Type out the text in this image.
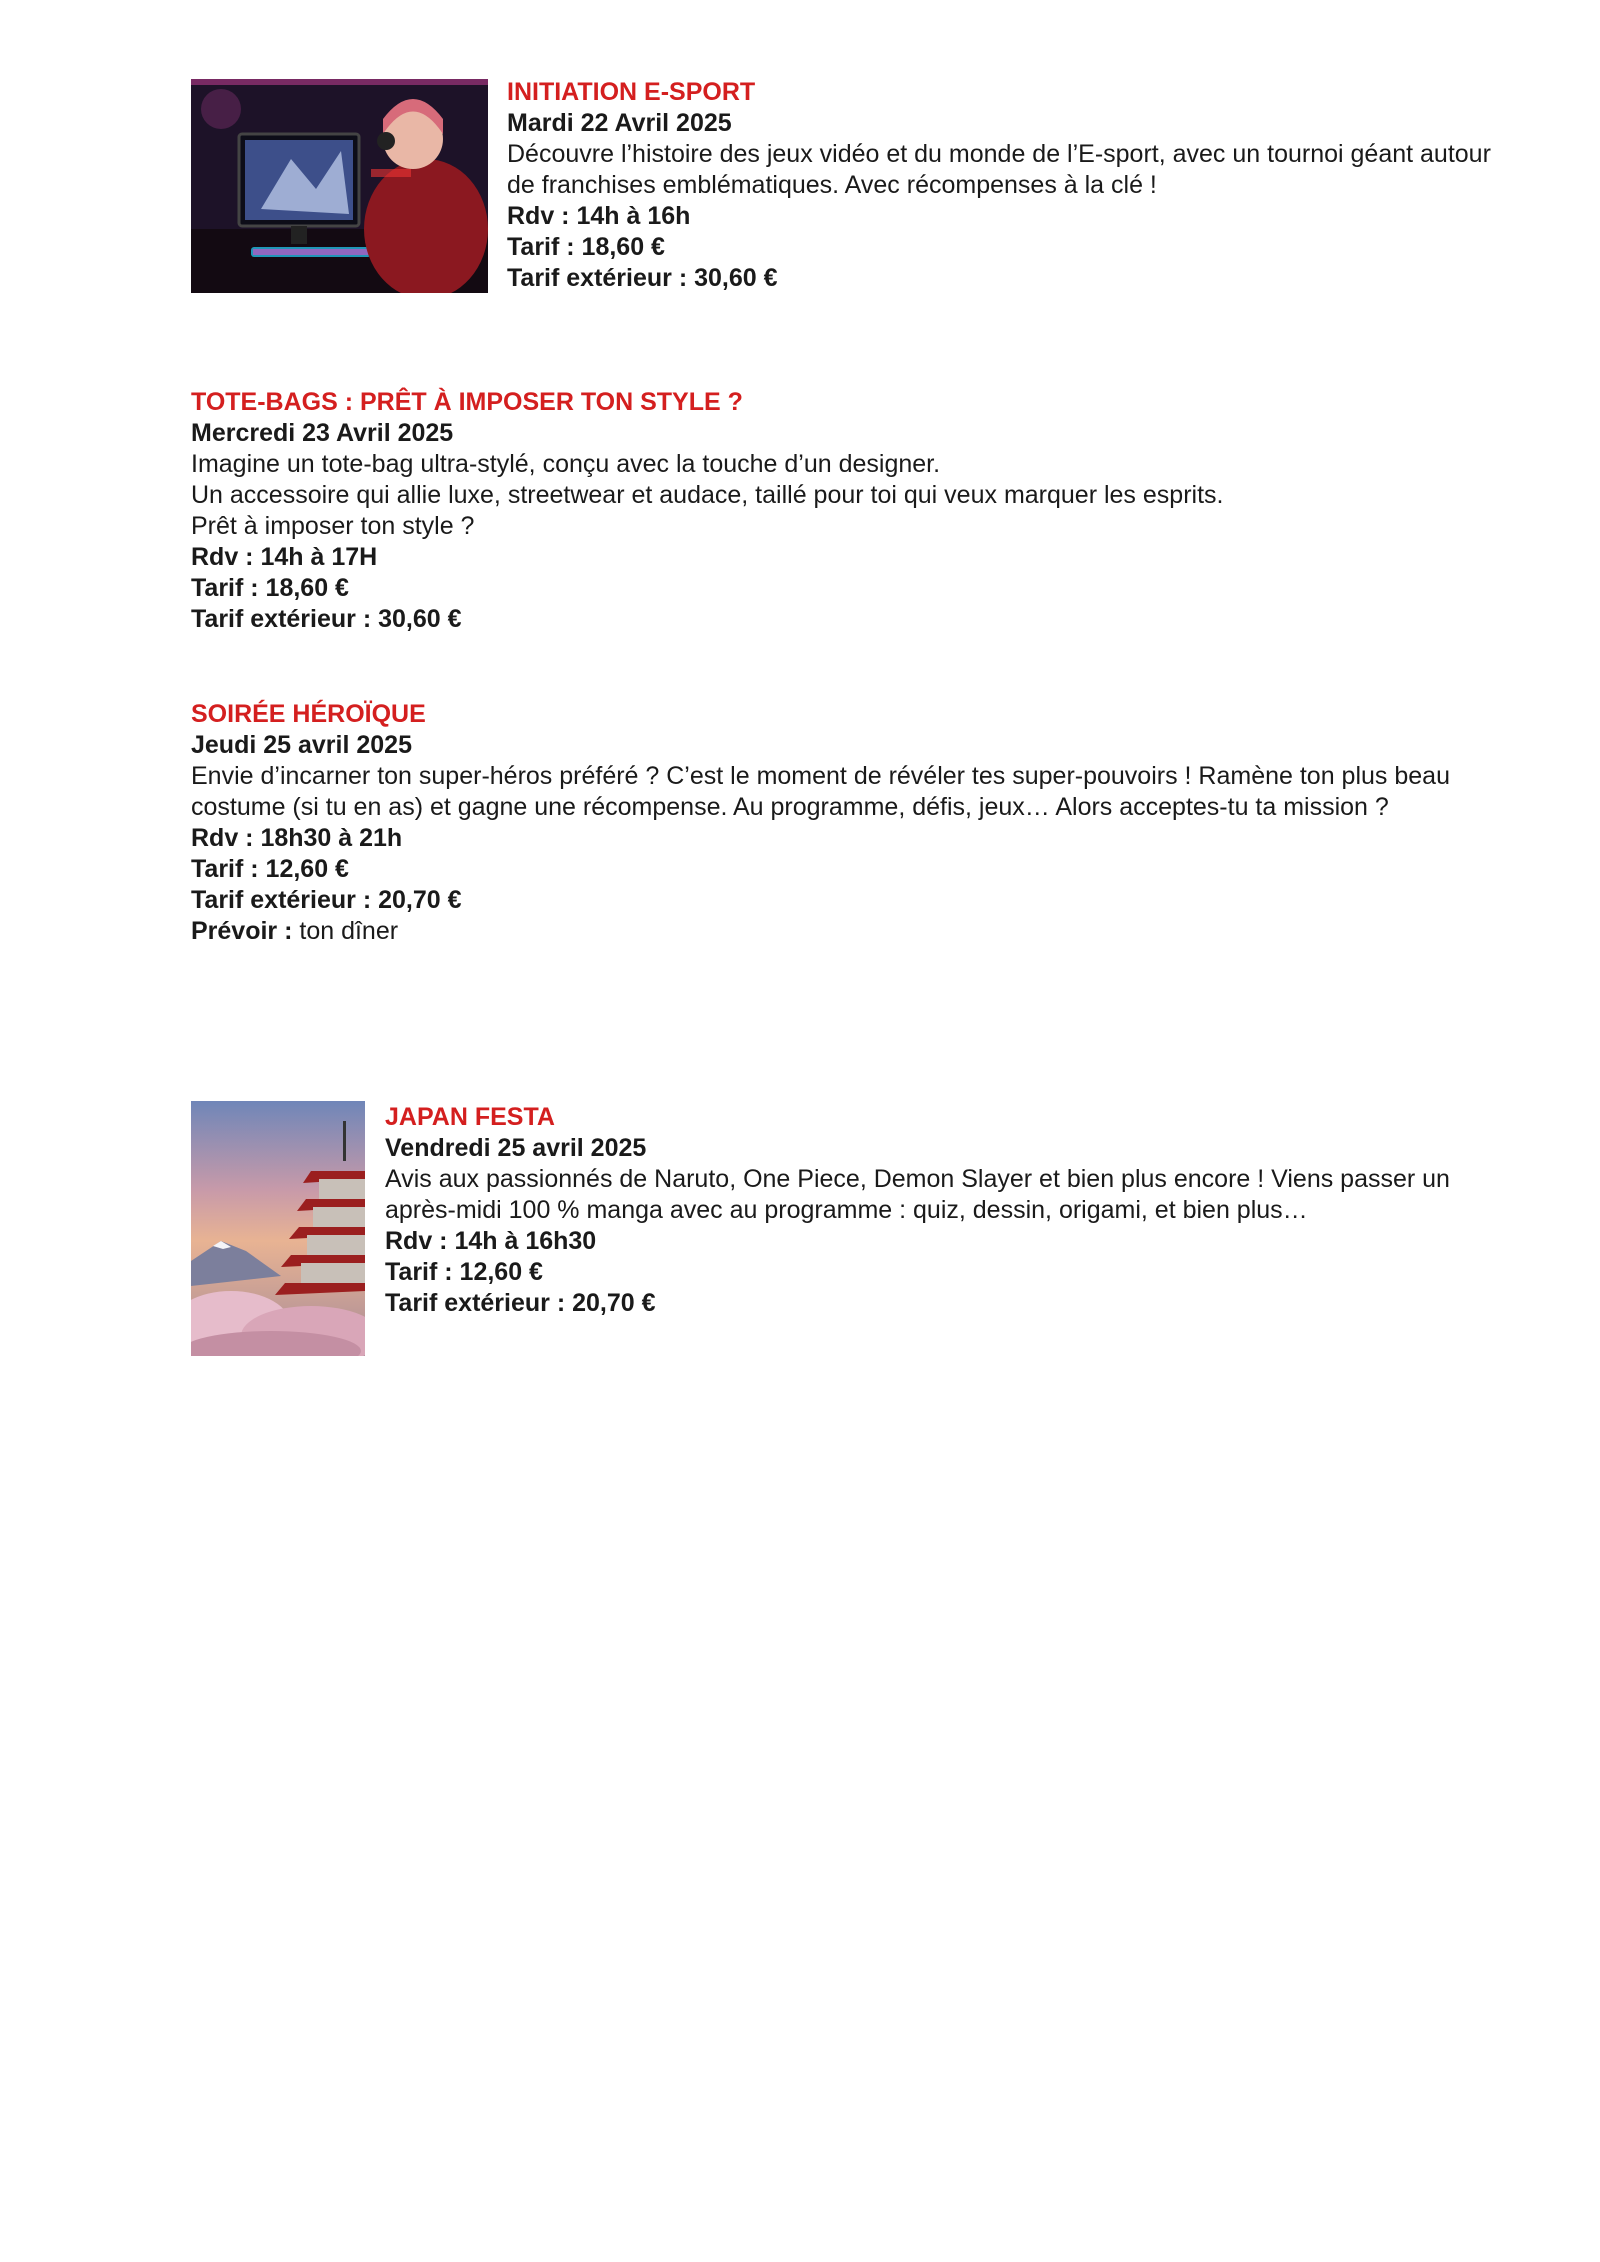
INITIATION E-SPORT
Mardi 22 Avril 2025
Découvre l’histoire des jeux vidéo et du monde de l’E-sport, avec un tournoi géant autour de franchises emblématiques. Avec récompenses à la clé !
Rdv : 14h à 16h
Tarif : 18,60 €
Tarif extérieur : 30,60 €
TOTE-BAGS : PRÊT À IMPOSER TON STYLE ?
Mercredi 23 Avril 2025
Imagine un tote-bag ultra-stylé, conçu avec la touche d’un designer.
Un accessoire qui allie luxe, streetwear et audace, taillé pour toi qui veux marquer les esprits.
Prêt à imposer ton style ?
Rdv : 14h à 17H
Tarif : 18,60 €
Tarif extérieur : 30,60 €
SOIRÉE HÉROÏQUE
Jeudi 25 avril 2025
Envie d’incarner ton super-héros préféré ? C’est le moment de révéler tes super-pouvoirs ! Ramène ton plus beau costume (si tu en as) et gagne une récompense. Au programme, défis, jeux… Alors acceptes-tu ta mission ?
Rdv : 18h30 à 21h
Tarif : 12,60 €
Tarif extérieur : 20,70 €
Prévoir : ton dîner
JAPAN FESTA
Vendredi 25 avril 2025
Avis aux passionnés de Naruto, One Piece, Demon Slayer et bien plus encore ! Viens passer un après-midi 100 % manga avec au programme : quiz, dessin, origami, et bien plus…
Rdv : 14h à 16h30
Tarif : 12,60 €
Tarif extérieur : 20,70 €
